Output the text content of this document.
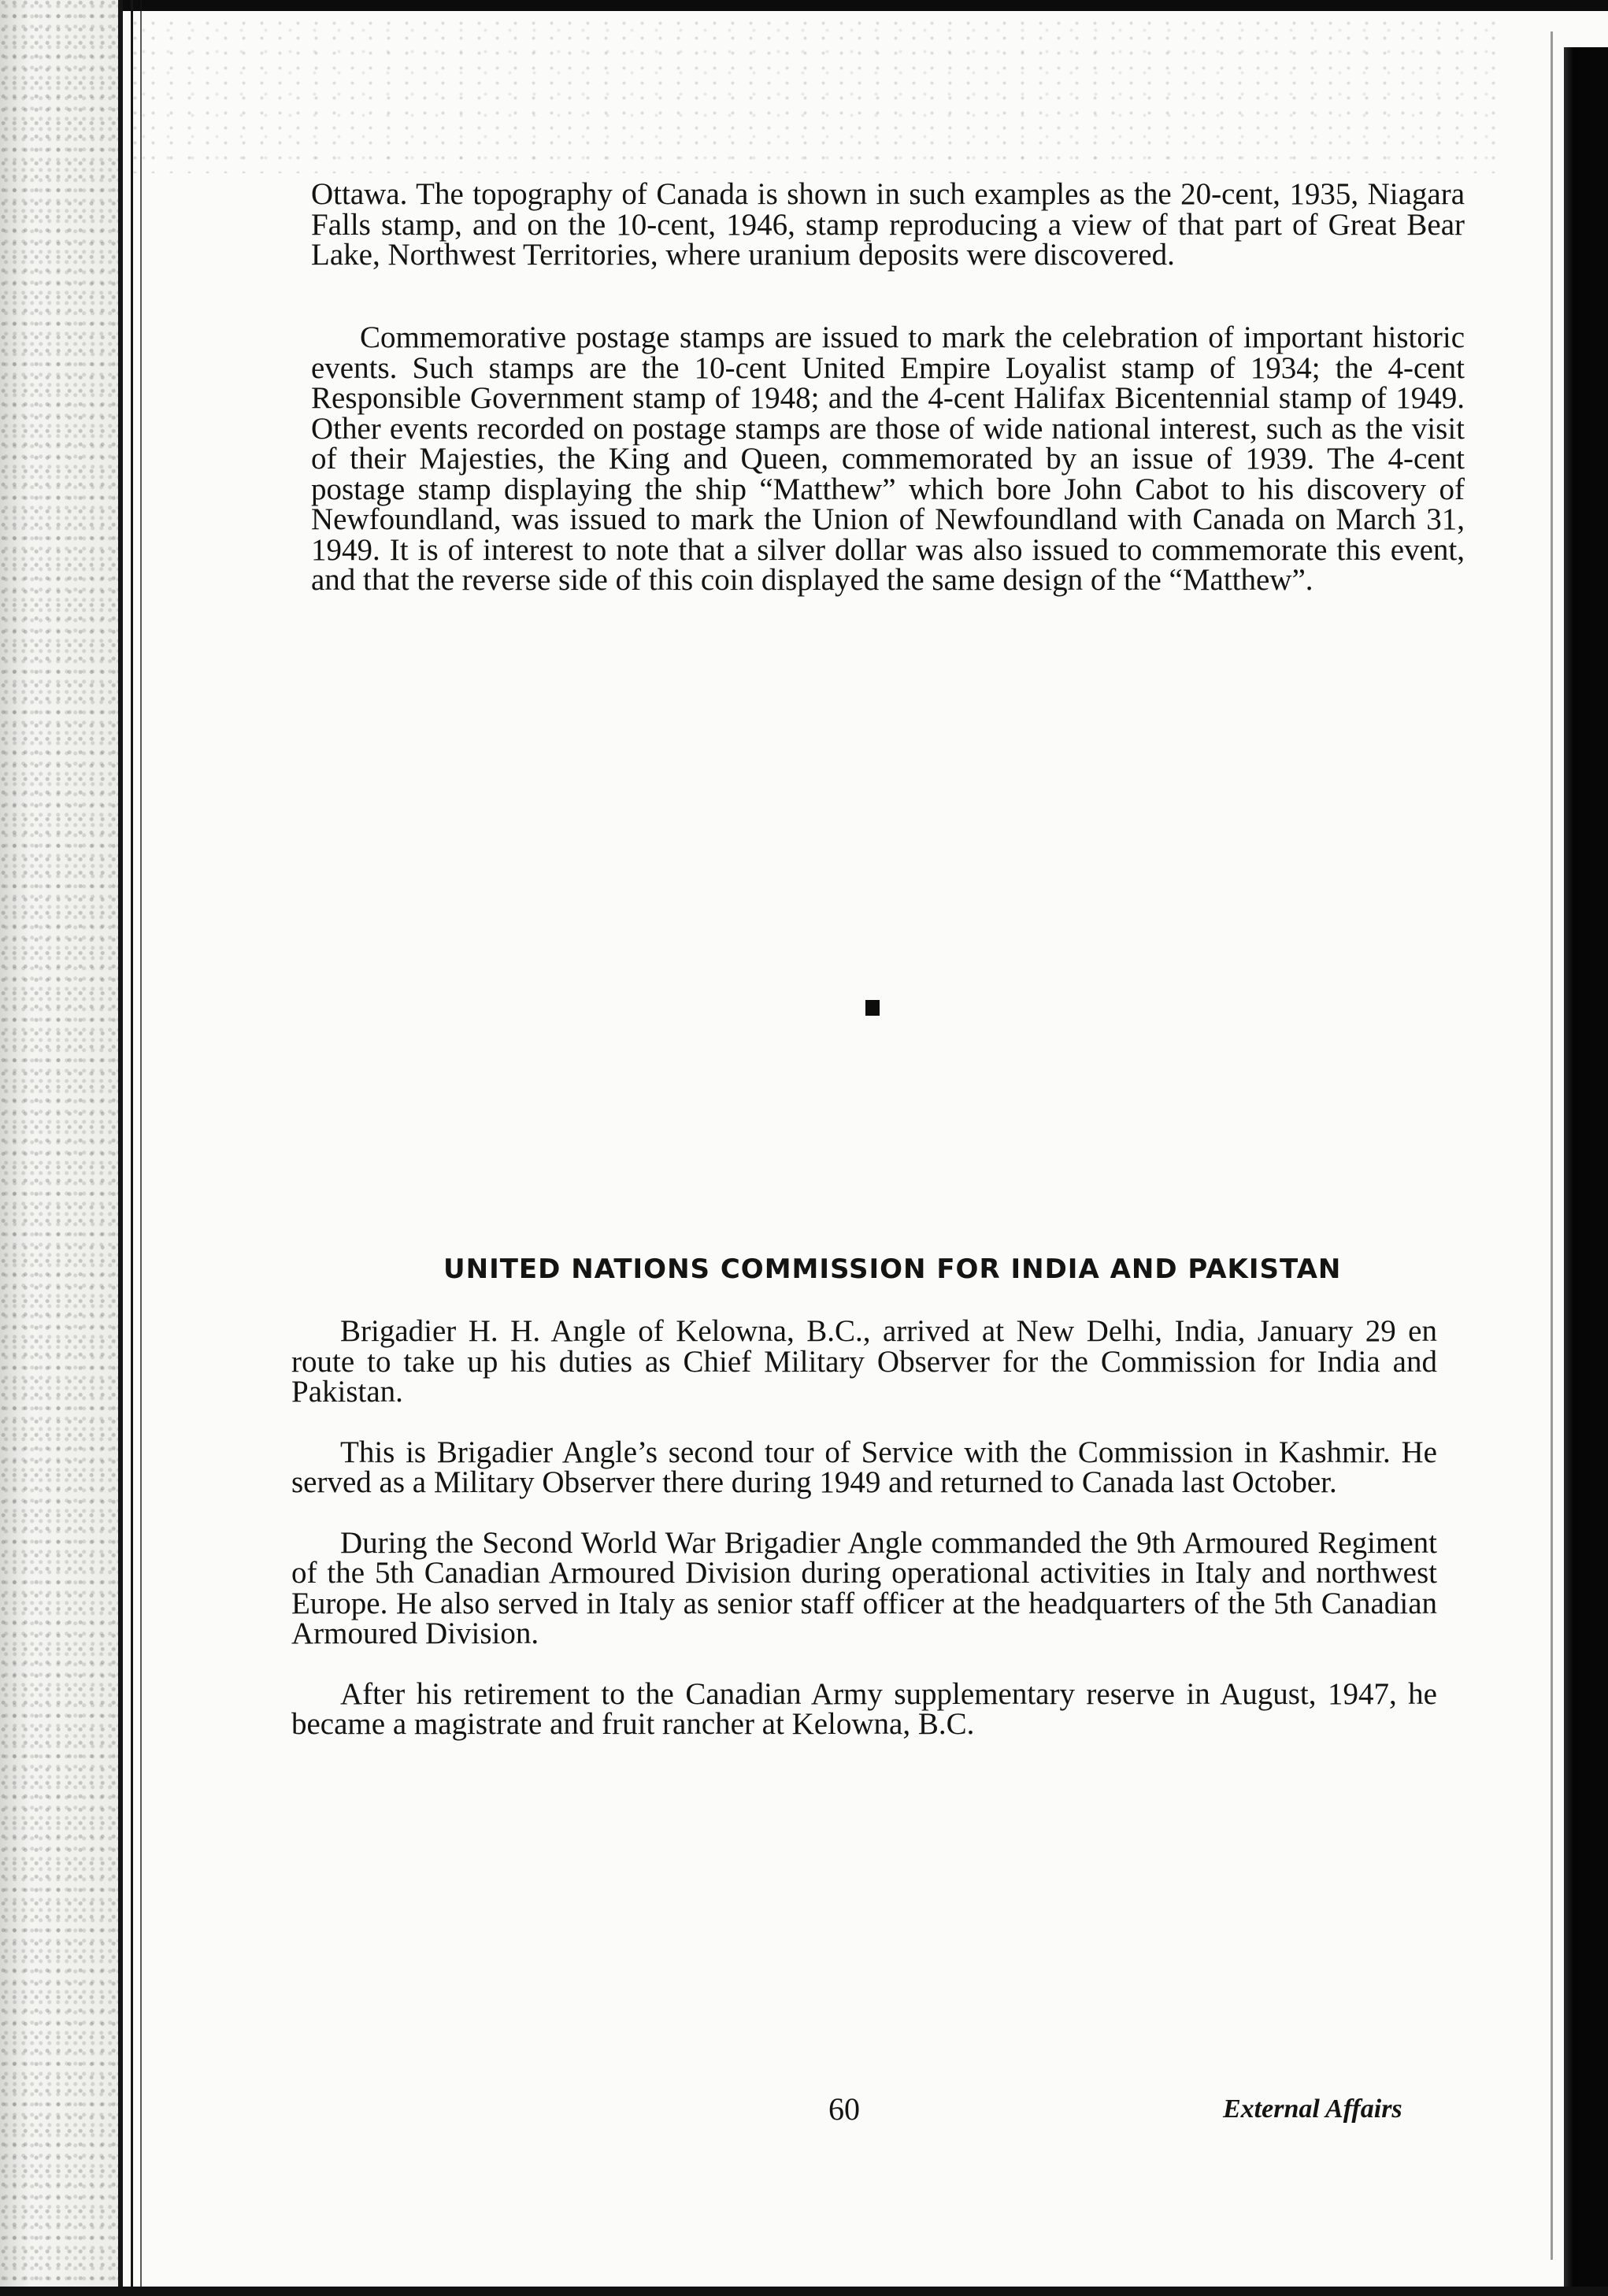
Ottawa. The topography of Canada is shown in such examples as the 20-cent, 1935, Niagara Falls stamp, and on the 10-cent, 1946, stamp reproducing a view of that part of Great Bear Lake, Northwest Territories, where uranium deposits were discovered.

Commemorative postage stamps are issued to mark the celebration of important historic events. Such stamps are the 10-cent United Empire Loyalist stamp of 1934; the 4-cent Responsible Government stamp of 1948; and the 4-cent Halifax Bicentennial stamp of 1949. Other events recorded on postage stamps are those of wide national interest, such as the visit of their Majesties, the King and Queen, commemorated by an issue of 1939. The 4-cent postage stamp displaying the ship “Matthew” which bore John Cabot to his discovery of Newfoundland, was issued to mark the Union of Newfoundland with Canada on March 31, 1949. It is of interest to note that a silver dollar was also issued to commemorate this event, and that the reverse side of this coin displayed the same design of the “Matthew”.

UNITED NATIONS COMMISSION FOR INDIA AND PAKISTAN

Brigadier H. H. Angle of Kelowna, B.C., arrived at New Delhi, India, January 29 en route to take up his duties as Chief Military Observer for the Commission for India and Pakistan.

This is Brigadier Angle’s second tour of Service with the Commission in Kashmir. He served as a Military Observer there during 1949 and returned to Canada last October.

During the Second World War Brigadier Angle commanded the 9th Armoured Regiment of the 5th Canadian Armoured Division during operational activities in Italy and northwest Europe. He also served in Italy as senior staff officer at the headquarters of the 5th Canadian Armoured Division.

After his retirement to the Canadian Army supplementary reserve in August, 1947, he became a magistrate and fruit rancher at Kelowna, B.C.

60	External Affairs
